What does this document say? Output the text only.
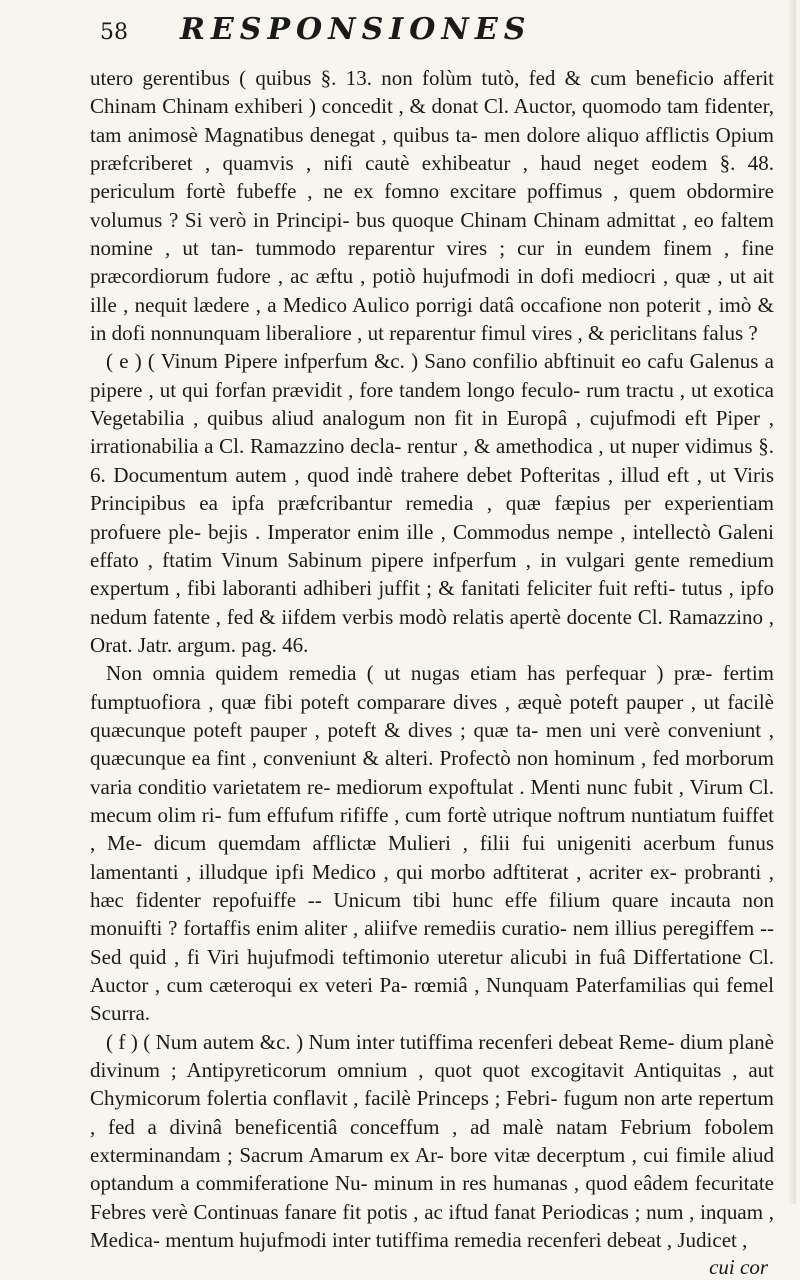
58	RESPONSIONES

utero gerentibus ( quibus §. 13. non folùm tutò, fed & cum beneficio afferit Chinam Chinam exhiberi ) concedit , & donat Cl. Auctor, quomodo tam fidenter, tam animosè Magnatibus denegat , quibus ta- men dolore aliquo afflictis Opium præfcriberet , quamvis , nifi cautè exhibeatur , haud neget eodem §. 48. periculum fortè fubeffe , ne ex fomno excitare poffimus , quem obdormire volumus ? Si verò in Principi- bus quoque Chinam Chinam admittat , eo faltem nomine , ut tan- tummodo reparentur vires ; cur in eundem finem , fine præcordiorum fudore , ac æftu , potiò hujufmodi in dofi mediocri , quæ , ut ait ille , nequit lædere , a Medico Aulico porrigi datâ occafione non poterit , imò & in dofi nonnunquam liberaliore , ut reparentur fimul vires , & periclitans falus ?

( e ) ( Vinum Pipere infperfum &c. ) Sano confilio abftinuit eo cafu Galenus a pipere , ut qui forfan prævidit , fore tandem longo feculo- rum tractu , ut exotica Vegetabilia , quibus aliud analogum non fit in Europâ , cujufmodi eft Piper , irrationabilia a Cl. Ramazzino decla- rentur , & amethodica , ut nuper vidimus §. 6. Documentum autem , quod indè trahere debet Pofteritas , illud eft , ut Viris Principibus ea ipfa præfcribantur remedia , quæ fæpius per experientiam profuere ple- bejis . Imperator enim ille , Commodus nempe , intellectò Galeni effato , ftatim Vinum Sabinum pipere infperfum , in vulgari gente remedium expertum , fibi laboranti adhiberi juffit ; & fanitati feliciter fuit refti- tutus , ipfo nedum fatente , fed & iifdem verbis modò relatis apertè docente Cl. Ramazzino , Orat. Jatr. argum. pag. 46.

Non omnia quidem remedia ( ut nugas etiam has perfequar ) præ- fertim fumptuofiora , quæ fibi poteft comparare dives , æquè poteft pauper , ut facilè quæcunque poteft pauper , poteft & dives ; quæ ta- men uni verè conveniunt , quæcunque ea fint , conveniunt & alteri. Profectò non hominum , fed morborum varia conditio varietatem re- mediorum expoftulat . Menti nunc fubit , Virum Cl. mecum olim ri- fum effufum rififfe , cum fortè utrique noftrum nuntiatum fuiffet , Me- dicum quemdam afflictæ Mulieri , filii fui unigeniti acerbum funus lamentanti , illudque ipfi Medico , qui morbo adftiterat , acriter ex- probranti , hæc fidenter repofuiffe -- Unicum tibi hunc effe filium quare incauta non monuifti ? fortaffis enim aliter , aliifve remediis curatio- nem illius peregiffem -- Sed quid , fi Viri hujufmodi teftimonio uteretur alicubi in fuâ Differtatione Cl. Auctor , cum cæteroqui ex veteri Pa- rœmiâ , Nunquam Paterfamilias qui femel Scurra.

( f ) ( Num autem &c. ) Num inter tutiffima recenferi debeat Reme- dium planè divinum ; Antipyreticorum omnium , quot quot excogitavit Antiquitas , aut Chymicorum folertia conflavit , facilè Princeps ; Febri- fugum non arte repertum , fed a divinâ beneficentiâ conceffum , ad malè natam Febrium fobolem exterminandam ; Sacrum Amarum ex Ar- bore vitæ decerptum , cui fimile aliud optandum a commiferatione Nu- minum in res humanas , quod eâdem fecuritate Febres verè Continuas fanare fit potis , ac iftud fanat Periodicas ; num , inquam , Medica- mentum hujufmodi inter tutiffima remedia recenferi debeat , Judicet ,

cui cor
